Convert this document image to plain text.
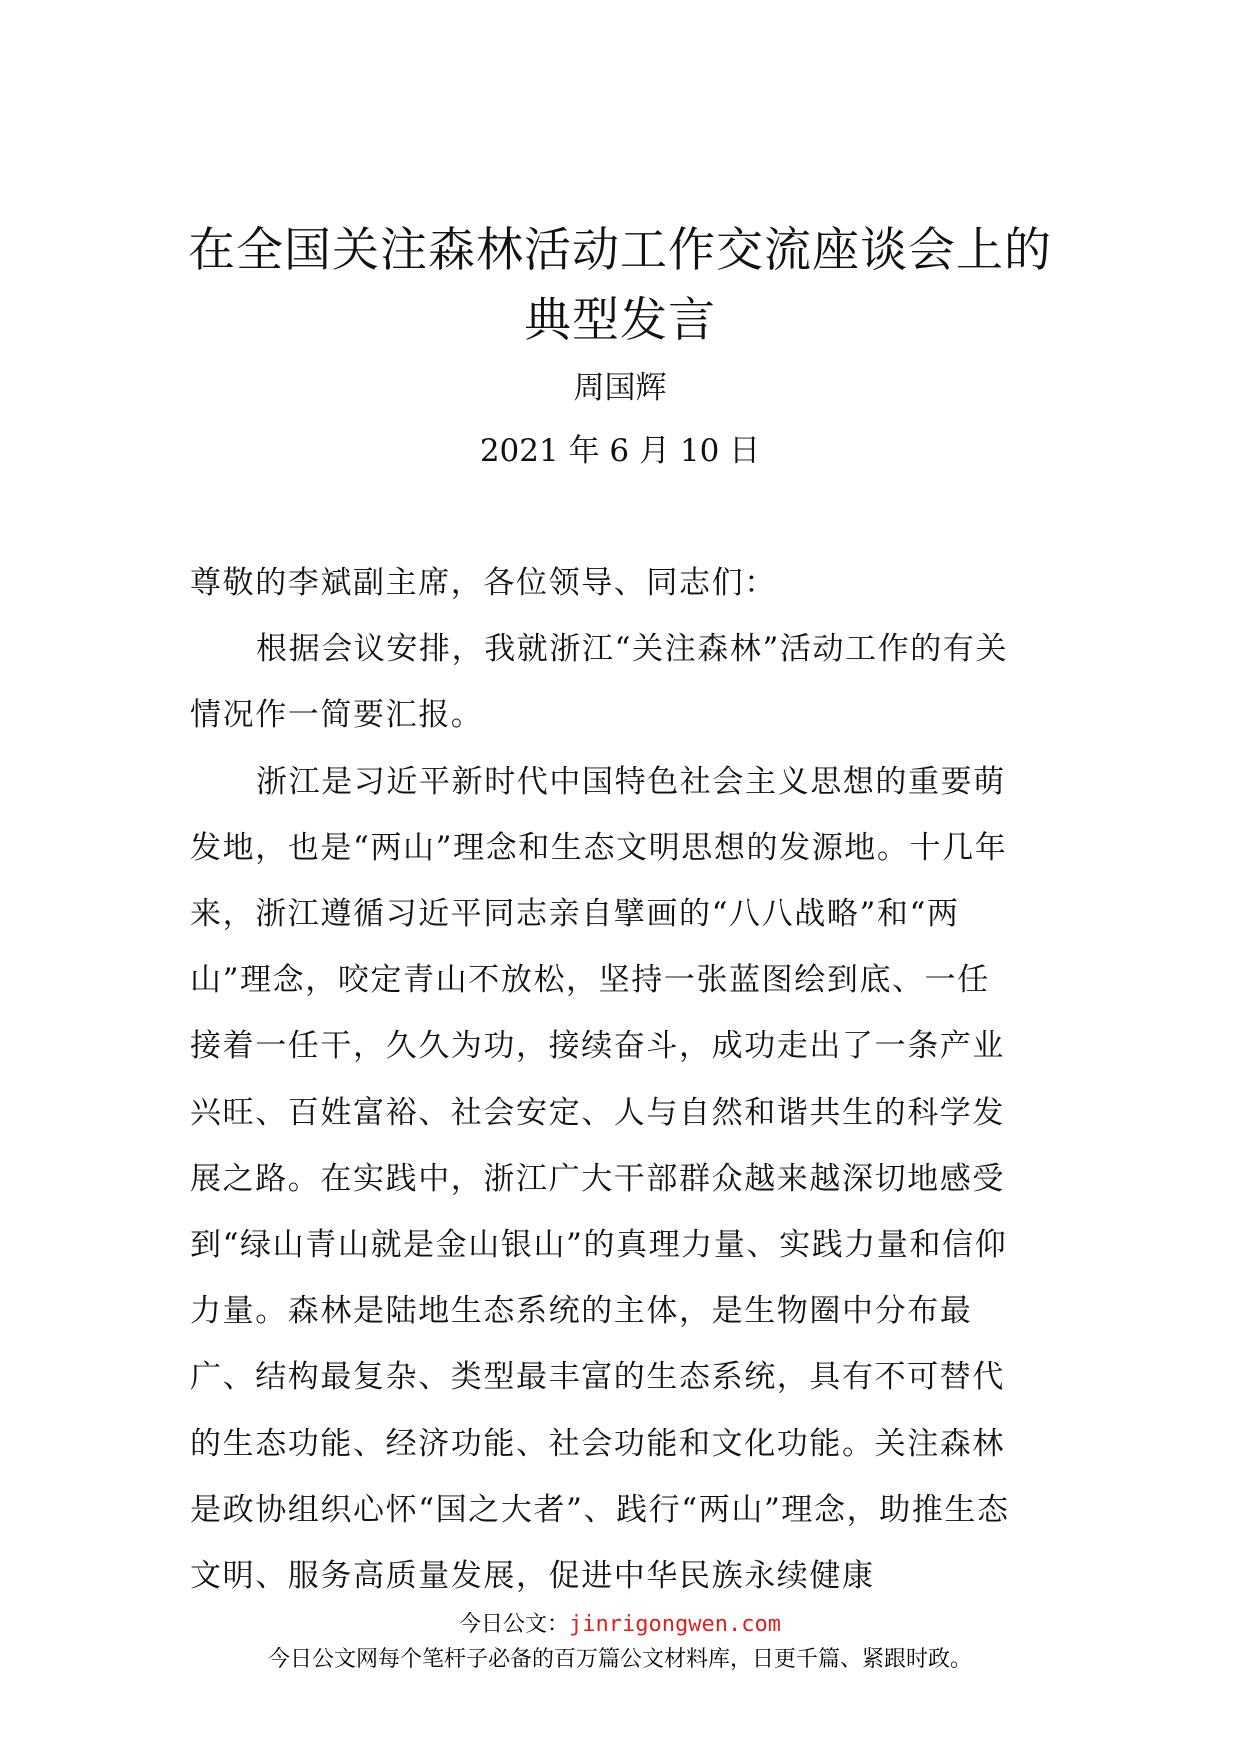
在全国关注森林活动工作交流座谈会上的
典型发言
周国辉
2021 年 6 月 10 日

尊敬的李斌副主席，各位领导、同志们：

根据会议安排，我就浙江“关注森林”活动工作的有关情况作一简要汇报。

浙江是习近平新时代中国特色社会主义思想的重要萌发地，也是“两山”理念和生态文明思想的发源地。十几年来，浙江遵循习近平同志亲自擘画的“八八战略”和“两山”理念，咬定青山不放松，坚持一张蓝图绘到底、一任接着一任干，久久为功，接续奋斗，成功走出了一条产业兴旺、百姓富裕、社会安定、人与自然和谐共生的科学发展之路。在实践中，浙江广大干部群众越来越深切地感受到“绿山青山就是金山银山”的真理力量、实践力量和信仰力量。森林是陆地生态系统的主体，是生物圈中分布最广、结构最复杂、类型最丰富的生态系统，具有不可替代的生态功能、经济功能、社会功能和文化功能。关注森林是政协组织心怀“国之大者”、践行“两山”理念，助推生态文明、服务高质量发展，促进中华民族永续健康

今日公文：jinrigongwen.com
今日公文网每个笔杆子必备的百万篇公文材料库，日更千篇、紧跟时政。
